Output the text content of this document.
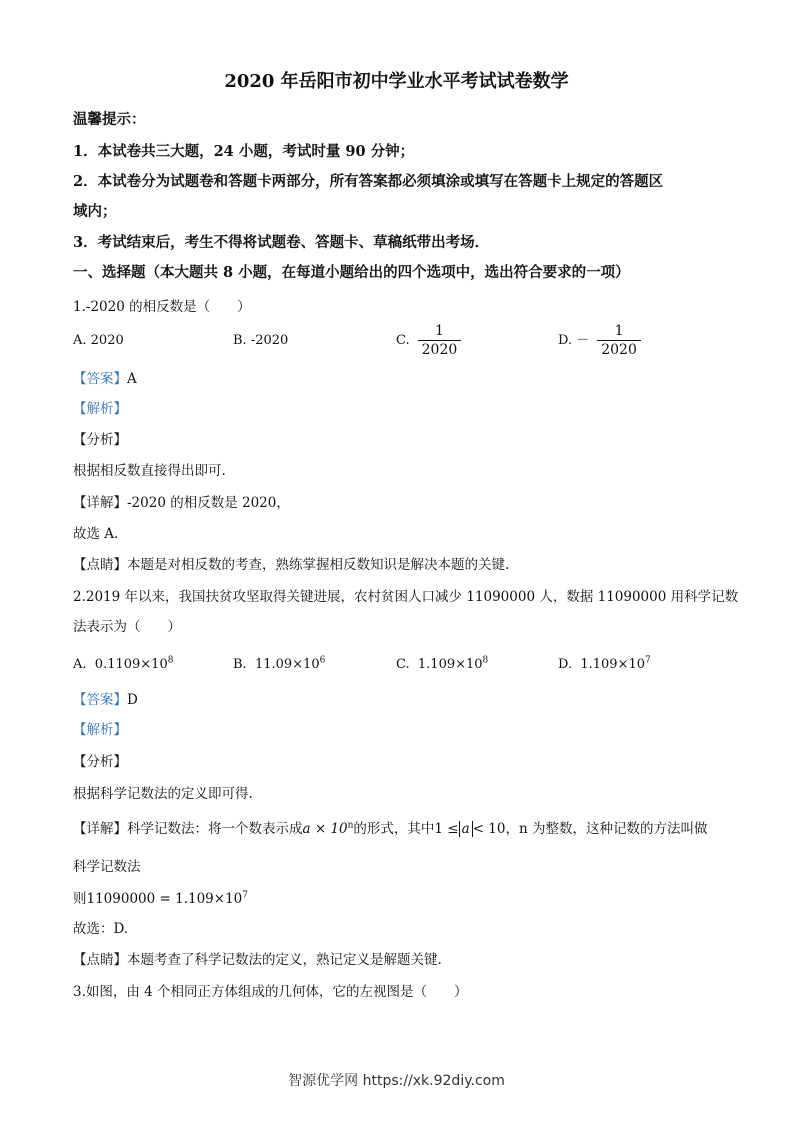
2020 年岳阳市初中学业水平考试试卷数学
温馨提示：
1．本试卷共三大题，24 小题，考试时量 90 分钟；
2．本试卷分为试题卷和答题卡两部分，所有答案都必须填涂或填写在答题卡上规定的答题区
域内；
3．考试结束后，考生不得将试题卷、答题卡、草稿纸带出考场．
一、选择题（本大题共 8 小题，在每道小题给出的四个选项中，选出符合要求的一项）
1.-2020 的相反数是（　　）
A. 2020	B. -2020	C. $\frac{1}{2020}$	D. － $\frac{1}{2020}$
【答案】A
【解析】
【分析】
根据相反数直接得出即可.
【详解】-2020 的相反数是 2020，
故选 A.
【点睛】本题是对相反数的考查，熟练掌握相反数知识是解决本题的关键.
2.2019 年以来，我国扶贫攻坚取得关键进展，农村贫困人口减少 11090000 人，数据 11090000 用科学记数
法表示为（　　）
A. $0.1109\times 10^8$	B. $11.09\times 10^6$	C. $1.109\times 10^8$	D. $1.109\times 10^7$
【答案】D
【解析】
【分析】
根据科学记数法的定义即可得.
【详解】科学记数法：将一个数表示成$a \times 10^n$的形式，其中1 ≤ a < 10，n 为整数，这种记数的方法叫做
科学记数法
则$11090000 = 1.109\times 10^7$
故选：D.
【点睛】本题考查了科学记数法的定义，熟记定义是解题关键.
3.如图，由 4 个相同正方体组成的几何体，它的左视图是（　　）
智源优学网 https://xk.92diy.com
